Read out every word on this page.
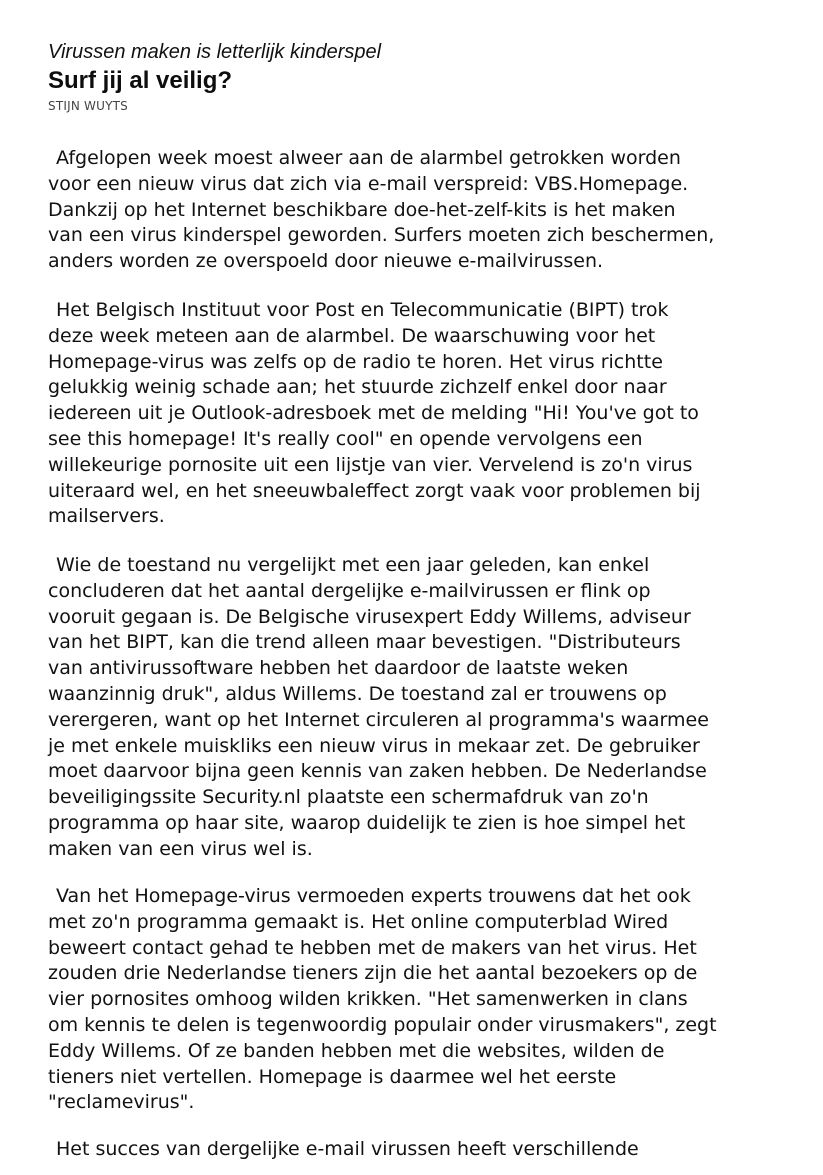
Virussen maken is letterlijk kinderspel
Surf jij al veilig?
STIJN WUYTS

Afgelopen week moest alweer aan de alarmbel getrokken worden
voor een nieuw virus dat zich via e-mail verspreid: VBS.Homepage.
Dankzij op het Internet beschikbare doe-het-zelf-kits is het maken
van een virus kinderspel geworden. Surfers moeten zich beschermen,
anders worden ze overspoeld door nieuwe e-mailvirussen.

Het Belgisch Instituut voor Post en Telecommunicatie (BIPT) trok
deze week meteen aan de alarmbel. De waarschuwing voor het
Homepage-virus was zelfs op de radio te horen. Het virus richtte
gelukkig weinig schade aan; het stuurde zichzelf enkel door naar
iedereen uit je Outlook-adresboek met de melding "Hi! You've got to
see this homepage! It's really cool" en opende vervolgens een
willekeurige pornosite uit een lijstje van vier. Vervelend is zo'n virus
uiteraard wel, en het sneeuwbaleffect zorgt vaak voor problemen bij
mailservers.

Wie de toestand nu vergelijkt met een jaar geleden, kan enkel
concluderen dat het aantal dergelijke e-mailvirussen er flink op
vooruit gegaan is. De Belgische virusexpert Eddy Willems, adviseur
van het BIPT, kan die trend alleen maar bevestigen. "Distributeurs
van antivirussoftware hebben het daardoor de laatste weken
waanzinnig druk", aldus Willems. De toestand zal er trouwens op
verergeren, want op het Internet circuleren al programma's waarmee
je met enkele muiskliks een nieuw virus in mekaar zet. De gebruiker
moet daarvoor bijna geen kennis van zaken hebben. De Nederlandse
beveiligingssite Security.nl plaatste een schermafdruk van zo'n
programma op haar site, waarop duidelijk te zien is hoe simpel het
maken van een virus wel is.

Van het Homepage-virus vermoeden experts trouwens dat het ook
met zo'n programma gemaakt is. Het online computerblad Wired
beweert contact gehad te hebben met de makers van het virus. Het
zouden drie Nederlandse tieners zijn die het aantal bezoekers op de
vier pornosites omhoog wilden krikken. "Het samenwerken in clans
om kennis te delen is tegenwoordig populair onder virusmakers", zegt
Eddy Willems. Of ze banden hebben met die websites, wilden de
tieners niet vertellen. Homepage is daarmee wel het eerste
"reclamevirus".

Het succes van dergelijke e-mail virussen heeft verschillende
